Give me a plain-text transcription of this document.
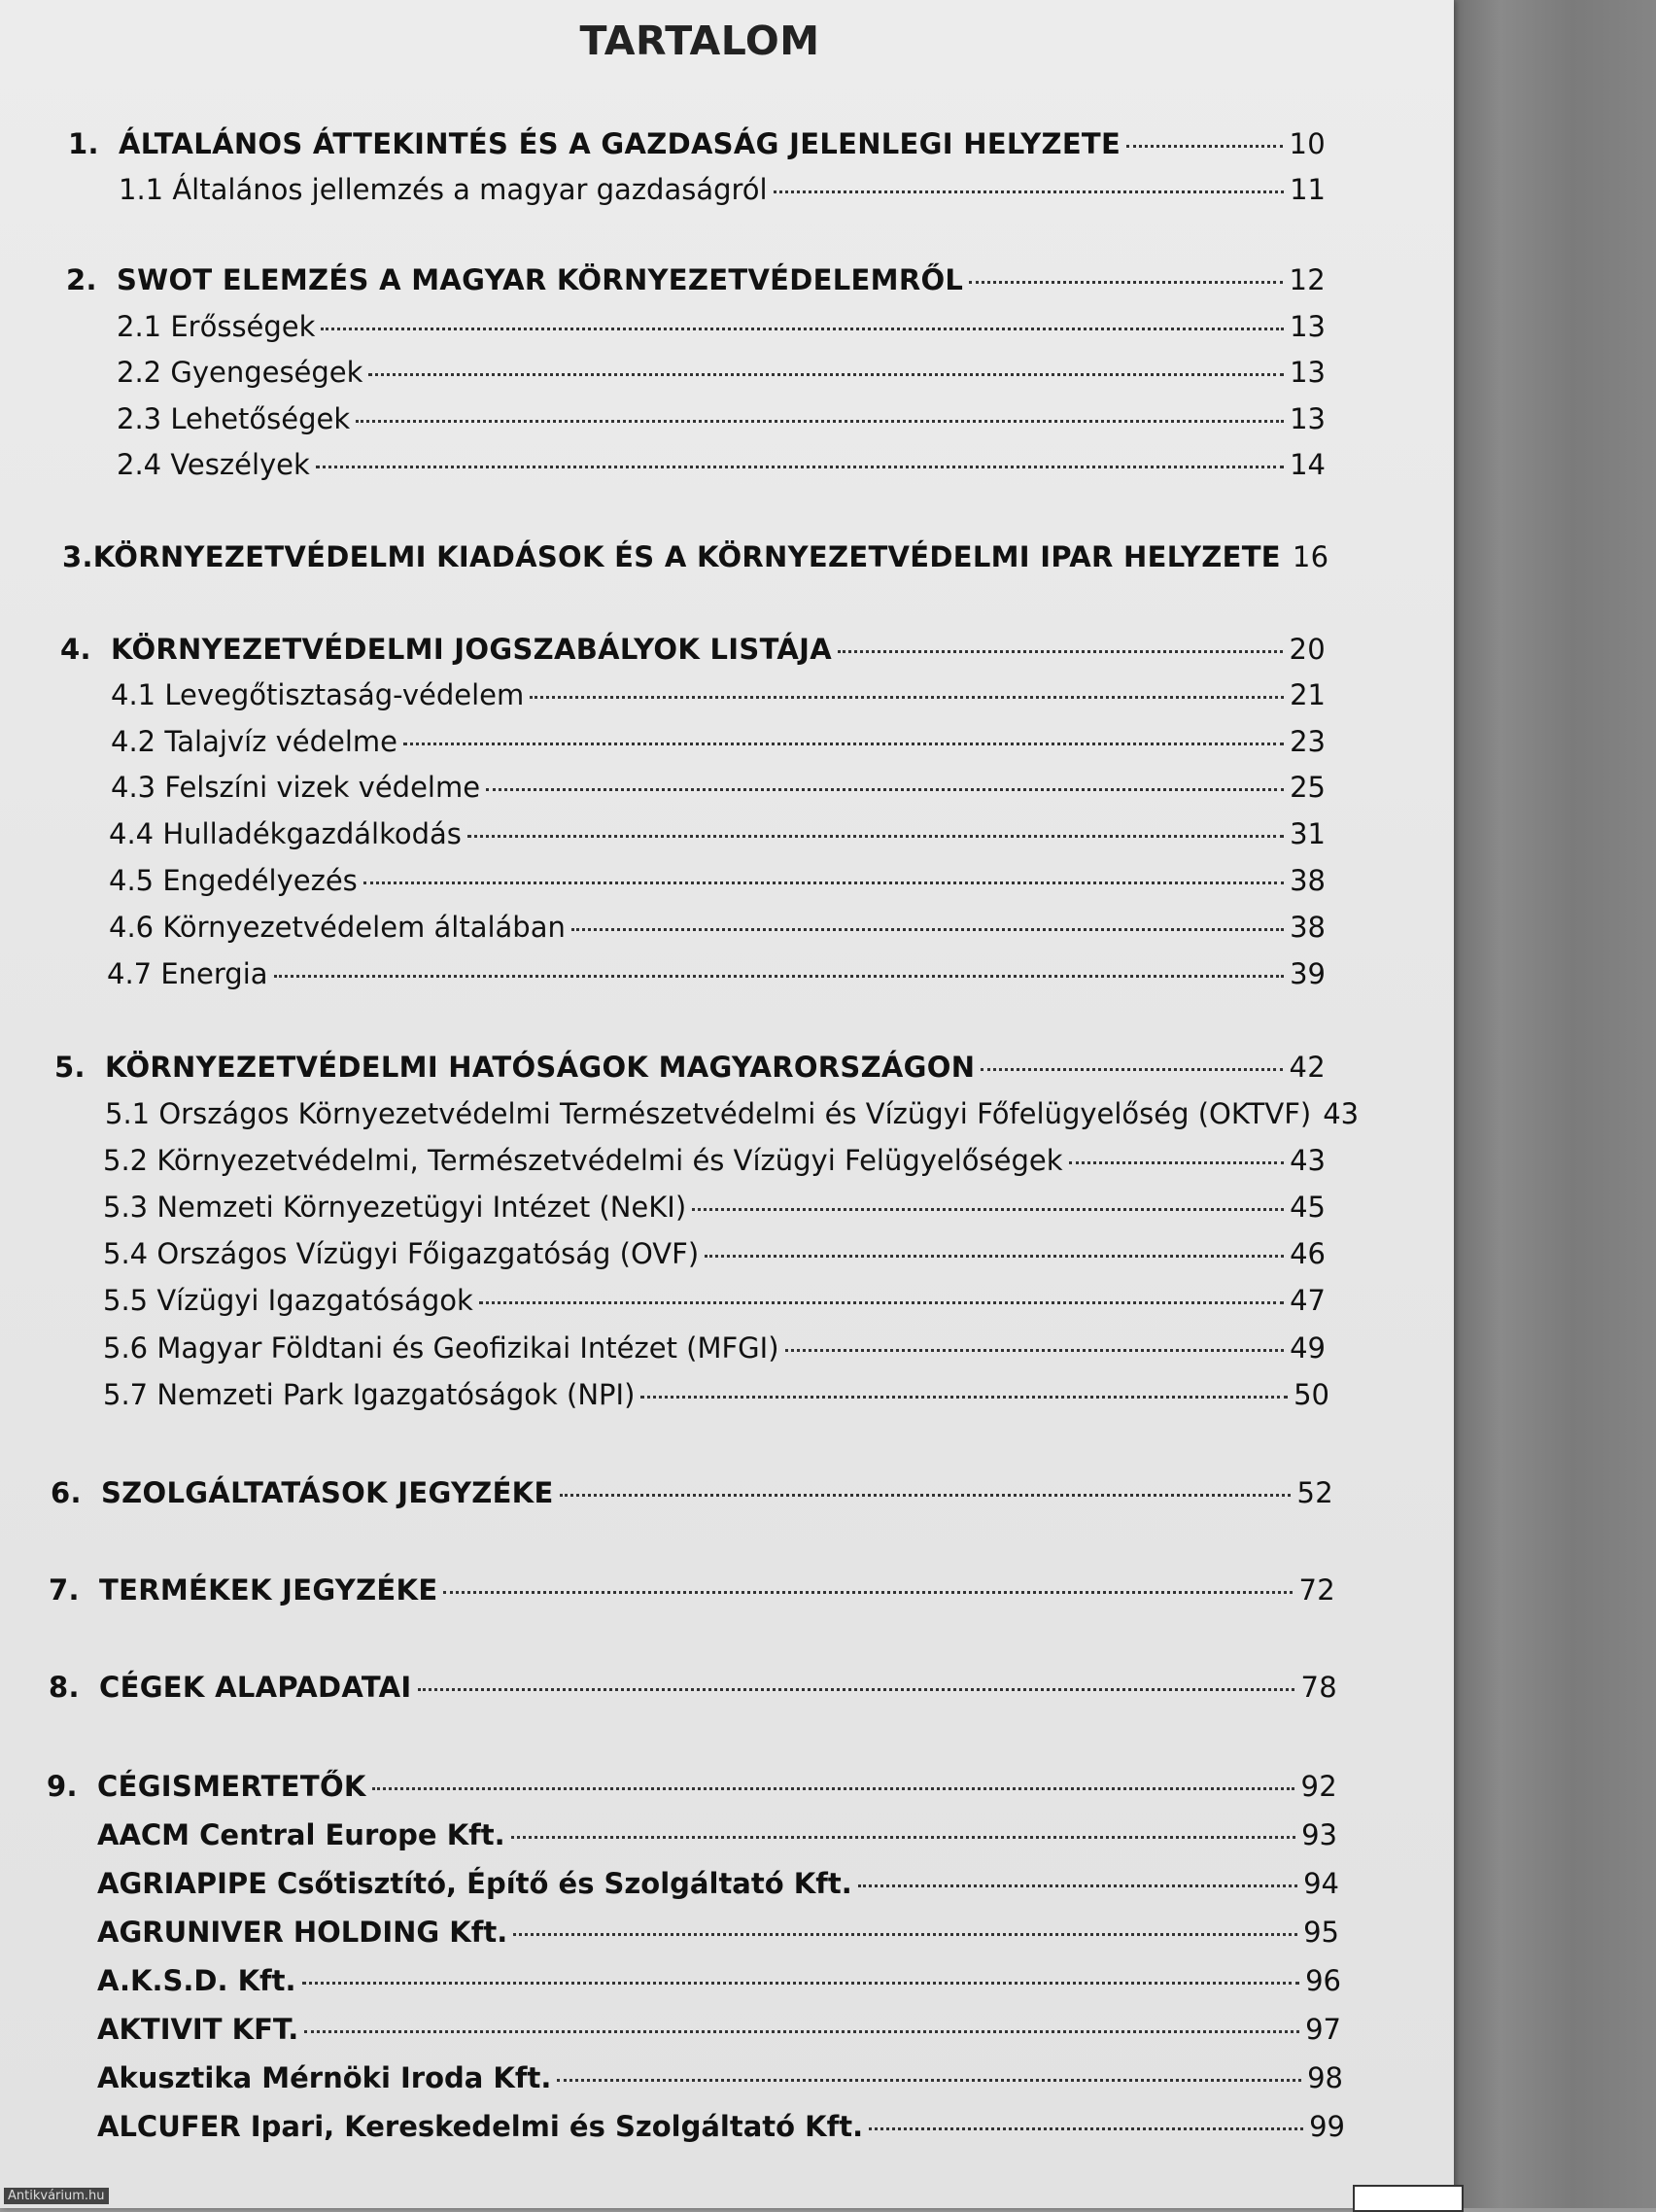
TARTALOM
1. ÁLTALÁNOS ÁTTEKINTÉS ÉS A GAZDASÁG JELENLEGI HELYZETE	10
1.1 Általános jellemzés a magyar gazdaságról	11
2. SWOT ELEMZÉS A MAGYAR KÖRNYEZETVÉDELEMRŐL	12
2.1 Erősségek	13
2.2 Gyengeségek	13
2.3 Lehetőségek	13
2.4 Veszélyek	14
3. KÖRNYEZETVÉDELMI KIADÁSOK ÉS A KÖRNYEZETVÉDELMI IPAR HELYZETE 16
4. KÖRNYEZETVÉDELMI JOGSZABÁLYOK LISTÁJA	20
4.1 Levegőtisztaság-védelem	21
4.2 Talajvíz védelme	23
4.3 Felszíni vizek védelme	25
4.4 Hulladékgazdálkodás	31
4.5 Engedélyezés	38
4.6 Környezetvédelem általában	38
4.7 Energia	39
5. KÖRNYEZETVÉDELMI HATÓSÁGOK MAGYARORSZÁGON	42
5.1 Országos Környezetvédelmi Természetvédelmi és Vízügyi Főfelügyelőség (OKTVF) 43
5.2 Környezetvédelmi, Természetvédelmi és Vízügyi Felügyelőségek	43
5.3 Nemzeti Környezetügyi Intézet (NeKI)	45
5.4 Országos Vízügyi Főigazgatóság (OVF)	46
5.5 Vízügyi Igazgatóságok	47
5.6 Magyar Földtani és Geofizikai Intézet (MFGI)	49
5.7 Nemzeti Park Igazgatóságok (NPI)	50
6. SZOLGÁLTATÁSOK JEGYZÉKE	52
7. TERMÉKEK JEGYZÉKE	72
8. CÉGEK ALAPADATAI	78
9. CÉGISMERTETŐK	92
AACM Central Europe Kft.	93
AGRIAPIPE Csőtisztító, Építő és Szolgáltató Kft.	94
AGRUNIVER HOLDING Kft.	95
A.K.S.D. Kft.	96
AKTIVIT KFT.	97
Akusztika Mérnöki Iroda Kft.	98
ALCUFER Ipari, Kereskedelmi és Szolgáltató Kft.	99
Antikvárium.hu
